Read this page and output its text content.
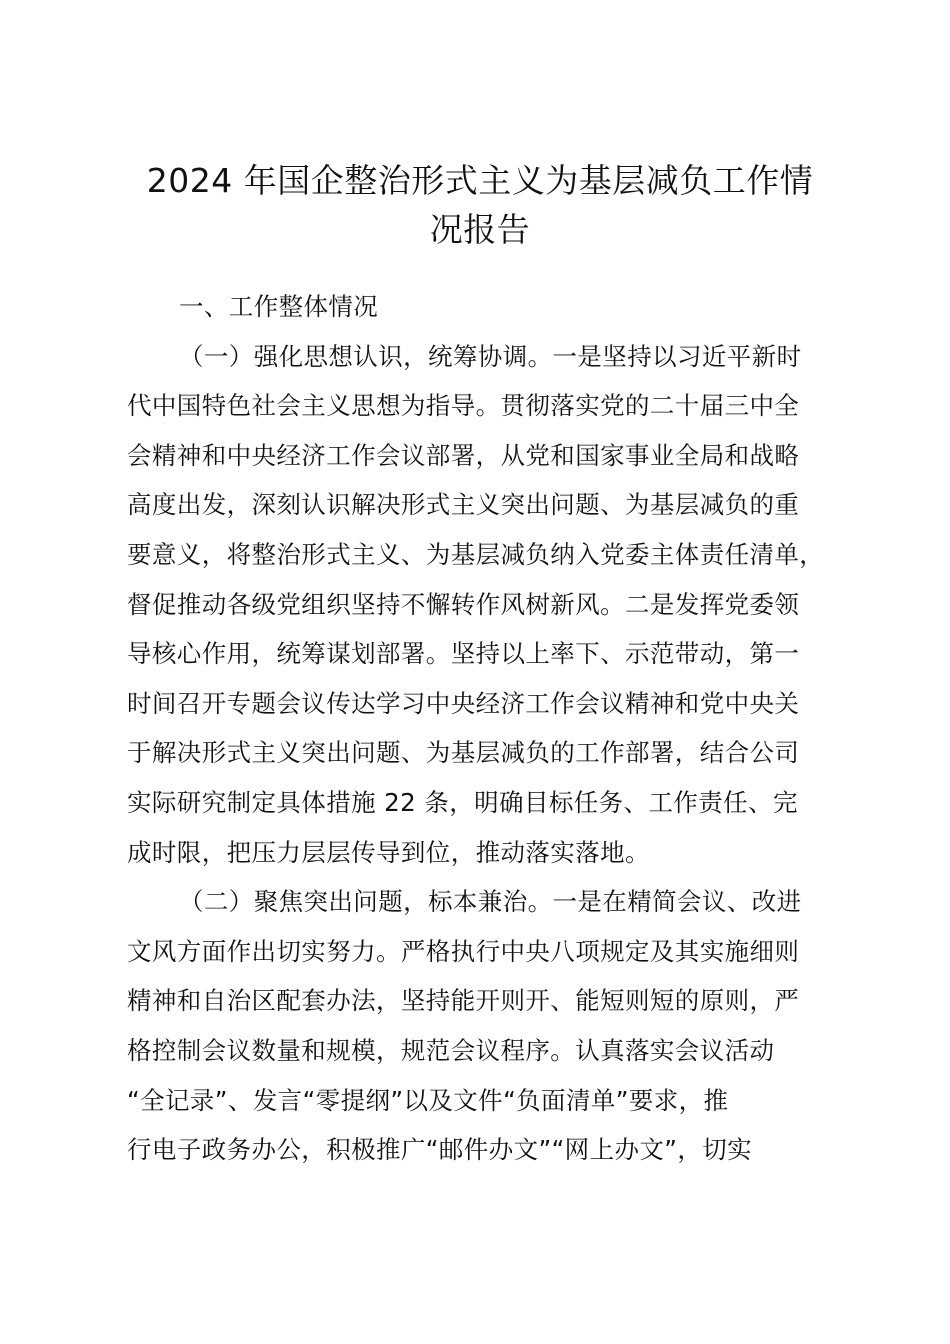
2024 年国企整治形式主义为基层减负工作情
况报告
一、工作整体情况
（一）强化思想认识，统筹协调。一是坚持以习近平新时
代中国特色社会主义思想为指导。贯彻落实党的二十届三中全
会精神和中央经济工作会议部署，从党和国家事业全局和战略
高度出发，深刻认识解决形式主义突出问题、为基层减负的重
要意义，将整治形式主义、为基层减负纳入党委主体责任清单，
督促推动各级党组织坚持不懈转作风树新风。二是发挥党委领
导核心作用，统筹谋划部署。坚持以上率下、示范带动，第一
时间召开专题会议传达学习中央经济工作会议精神和党中央关
于解决形式主义突出问题、为基层减负的工作部署，结合公司
实际研究制定具体措施 22 条，明确目标任务、工作责任、完
成时限，把压力层层传导到位，推动落实落地。
（二）聚焦突出问题，标本兼治。一是在精简会议、改进
文风方面作出切实努力。严格执行中央八项规定及其实施细则
精神和自治区配套办法，坚持能开则开、能短则短的原则，严
格控制会议数量和规模，规范会议程序。认真落实会议活动
“全记录”、发言“零提纲”以及文件“负面清单”要求，推
行电子政务办公，积极推广“邮件办文”“网上办文”，切实
